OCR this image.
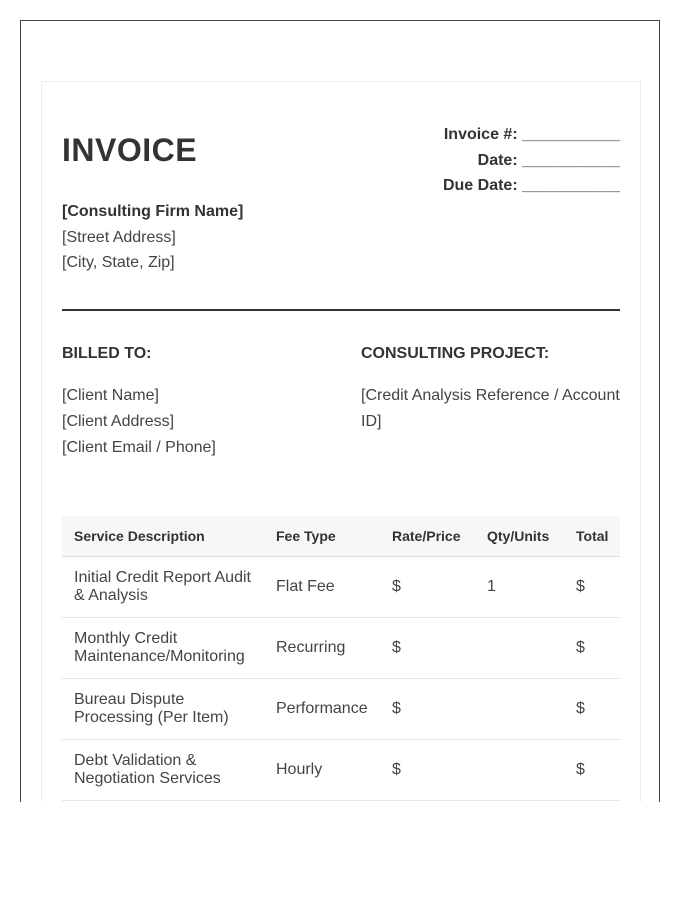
INVOICE	Invoice #: ___________
Date: ___________
Due Date: ___________
[Consulting Firm Name]
[Street Address]
[City, State, Zip]
BILLED TO:
[Client Name]
[Client Address]
[Client Email / Phone]
CONSULTING PROJECT:
[Credit Analysis Reference / Account ID]
Service Description	Fee Type	Rate/Price	Qty/Units	Total
Initial Credit Report Audit & Analysis	Flat Fee	$	1	$
Monthly Credit Maintenance/Monitoring	Recurring	$		$
Bureau Dispute Processing (Per Item)	Performance	$		$
Debt Validation & Negotiation Services	Hourly	$		$
